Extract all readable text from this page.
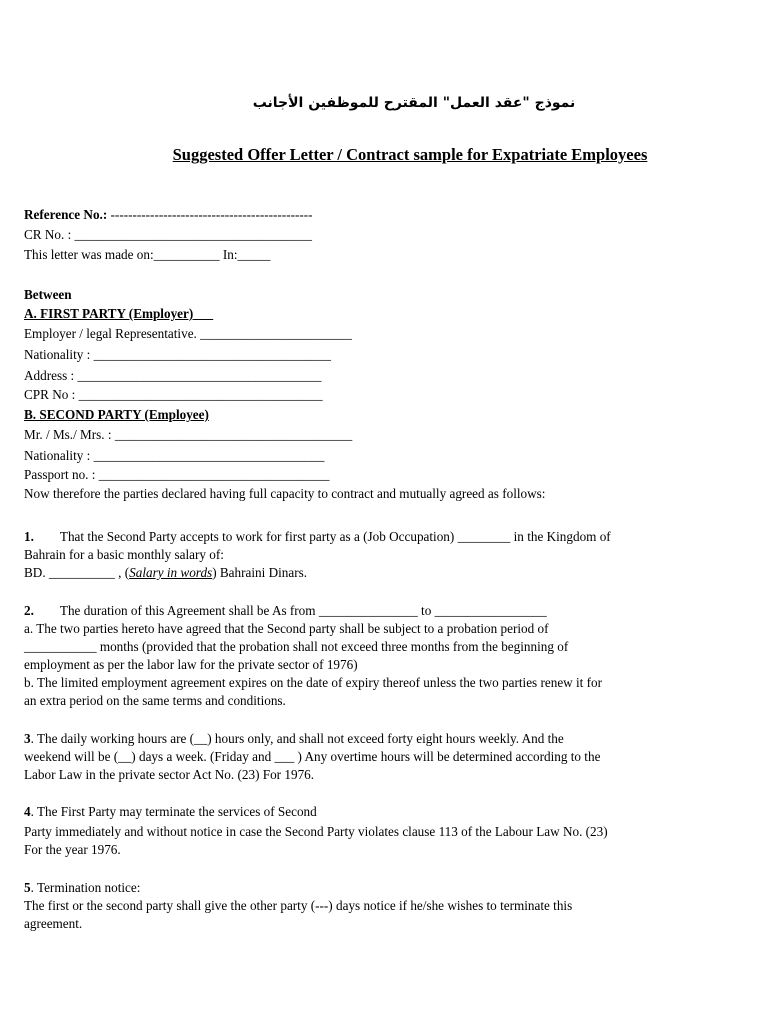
نموذج "عقد العمل" المقترح للموظفين الأجانب
Suggested Offer Letter / Contract sample for Expatriate Employees
Reference No.: ----------------------------------------------
CR No. : ____________________________________
This letter was made on:__________ In:_____
Between
A. FIRST PARTY (Employer)___
Employer / legal Representative. _______________________
Nationality : ____________________________________
Address : _____________________________________
CPR No : _____________________________________
B. SECOND PARTY (Employee)
Mr. / Ms./ Mrs. : ____________________________________
Nationality : ___________________________________
Passport no. : ___________________________________
Now therefore the parties declared having full capacity to contract and mutually agreed as follows:
1. That the Second Party accepts to work for first party as a (Job Occupation) ________ in the Kingdom of
Bahrain for a basic monthly salary of:
BD. __________ , (Salary in words) Bahraini Dinars.
2. The duration of this Agreement shall be As from _______________ to _________________
a. The two parties hereto have agreed that the Second party shall be subject to a probation period of
___________ months (provided that the probation shall not exceed three months from the beginning of
employment as per the labor law for the private sector of 1976)
b. The limited employment agreement expires on the date of expiry thereof unless the two parties renew it for
an extra period on the same terms and conditions.
3. The daily working hours are (__) hours only, and shall not exceed forty eight hours weekly. And the
weekend will be (__) days a week. (Friday and ___ ) Any overtime hours will be determined according to the
Labor Law in the private sector Act No. (23) For 1976.
4. The First Party may terminate the services of Second
Party immediately and without notice in case the Second Party violates clause 113 of the Labour Law No. (23)
For the year 1976.
5. Termination notice:
The first or the second party shall give the other party (---) days notice if he/she wishes to terminate this
agreement.
